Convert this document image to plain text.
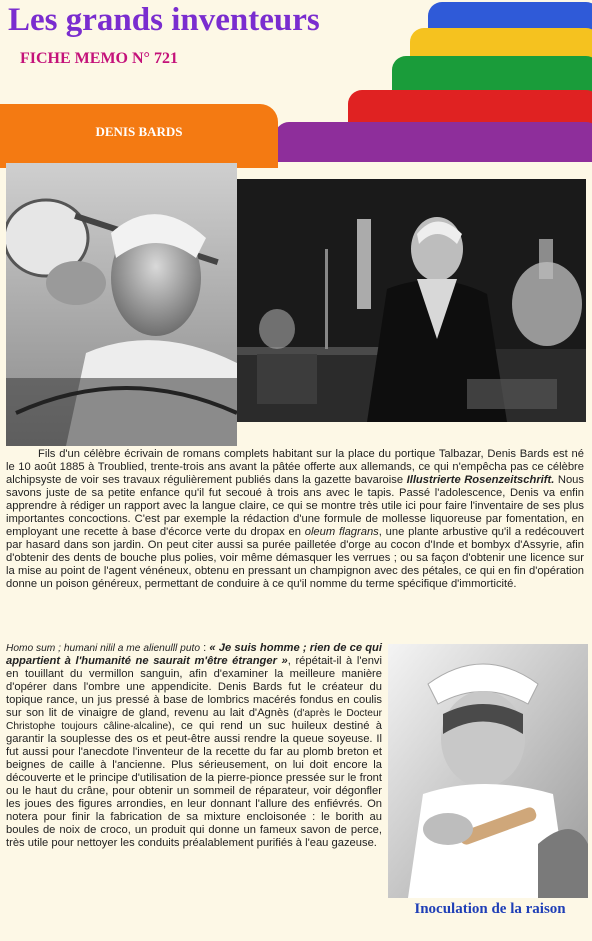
Les grands inventeurs
FICHE MEMO N° 721
DENIS BARDS

Fils d'un célèbre écrivain de romans complets habitant sur la place du portique Talbazar, Denis Bards est né le 10 août 1885 à Troublied, trente-trois ans avant la pâtée offerte aux allemands, ce qui n'empêcha pas ce célèbre alchipsyste de voir ses travaux régulièrement publiés dans la gazette bavaroise Illustrierte Rosenzeitschrift. Nous savons juste de sa petite enfance qu'il fut secoué à trois ans avec le tapis. Passé l'adolescence, Denis va enfin apprendre à rédiger un rapport avec la langue claire, ce qui se montre très utile ici pour faire l'inventaire de ses plus importantes concoctions. C'est par exemple la rédaction d'une formule de mollesse liquoreuse par fomentation, en employant une recette à base d'écorce verte du dropax en oleum flagrans, une plante arbustive qu'il a redécouvert par hasard dans son jardin. On peut citer aussi sa purée pailletée d'orge au cocon d'Inde et bombyx d'Assyrie, afin d'obtenir des dents de bouche plus polies, voir même démasquer les verrues ; ou sa façon d'obtenir une licence sur la mise au point de l'agent vénéneux, obtenu en pressant un champignon avec des pétales, ce qui en fin d'opération donne un poison généreux, permettant de conduire à ce qu'il nomme du terme spécifique d'immorticité.

Homo sum ; humani nilil a me alienulll puto : « Je suis homme ; rien de ce qui appartient à l'humanité ne saurait m'être étranger », répétait-il à l'envi en touillant du vermillon sanguin, afin d'examiner la meilleure manière d'opérer dans l'ombre une appendicite. Denis Bards fut le créateur du topique rance, un jus pressé à base de lombrics macérés fondus en coulis sur son lit de vinaigre de gland, revenu au lait d'Agnès (d'après le Docteur Christophe toujours câline-alcaline), ce qui rend un suc huileux destiné à garantir la souplesse des os et peut-être aussi rendre la queue soyeuse. Il fut aussi pour l'anecdote l'inventeur de la recette du far au plomb breton et beignes de caille à l'ancienne. Plus sérieusement, on lui doit encore la découverte et le principe d'utilisation de la pierre-pionce pressée sur le front ou le haut du crâne, pour obtenir un sommeil de réparateur, voir dégonfler les joues des figures arrondies, en leur donnant l'allure des enfiévrés. On notera pour finir la fabrication de sa mixture encloisonée : le borith au boules de noix de croco, un produit qui donne un fameux savon de perce, très utile pour nettoyer les conduits préalablement purifiés à l'eau gazeuse.

Inoculation de la raison
